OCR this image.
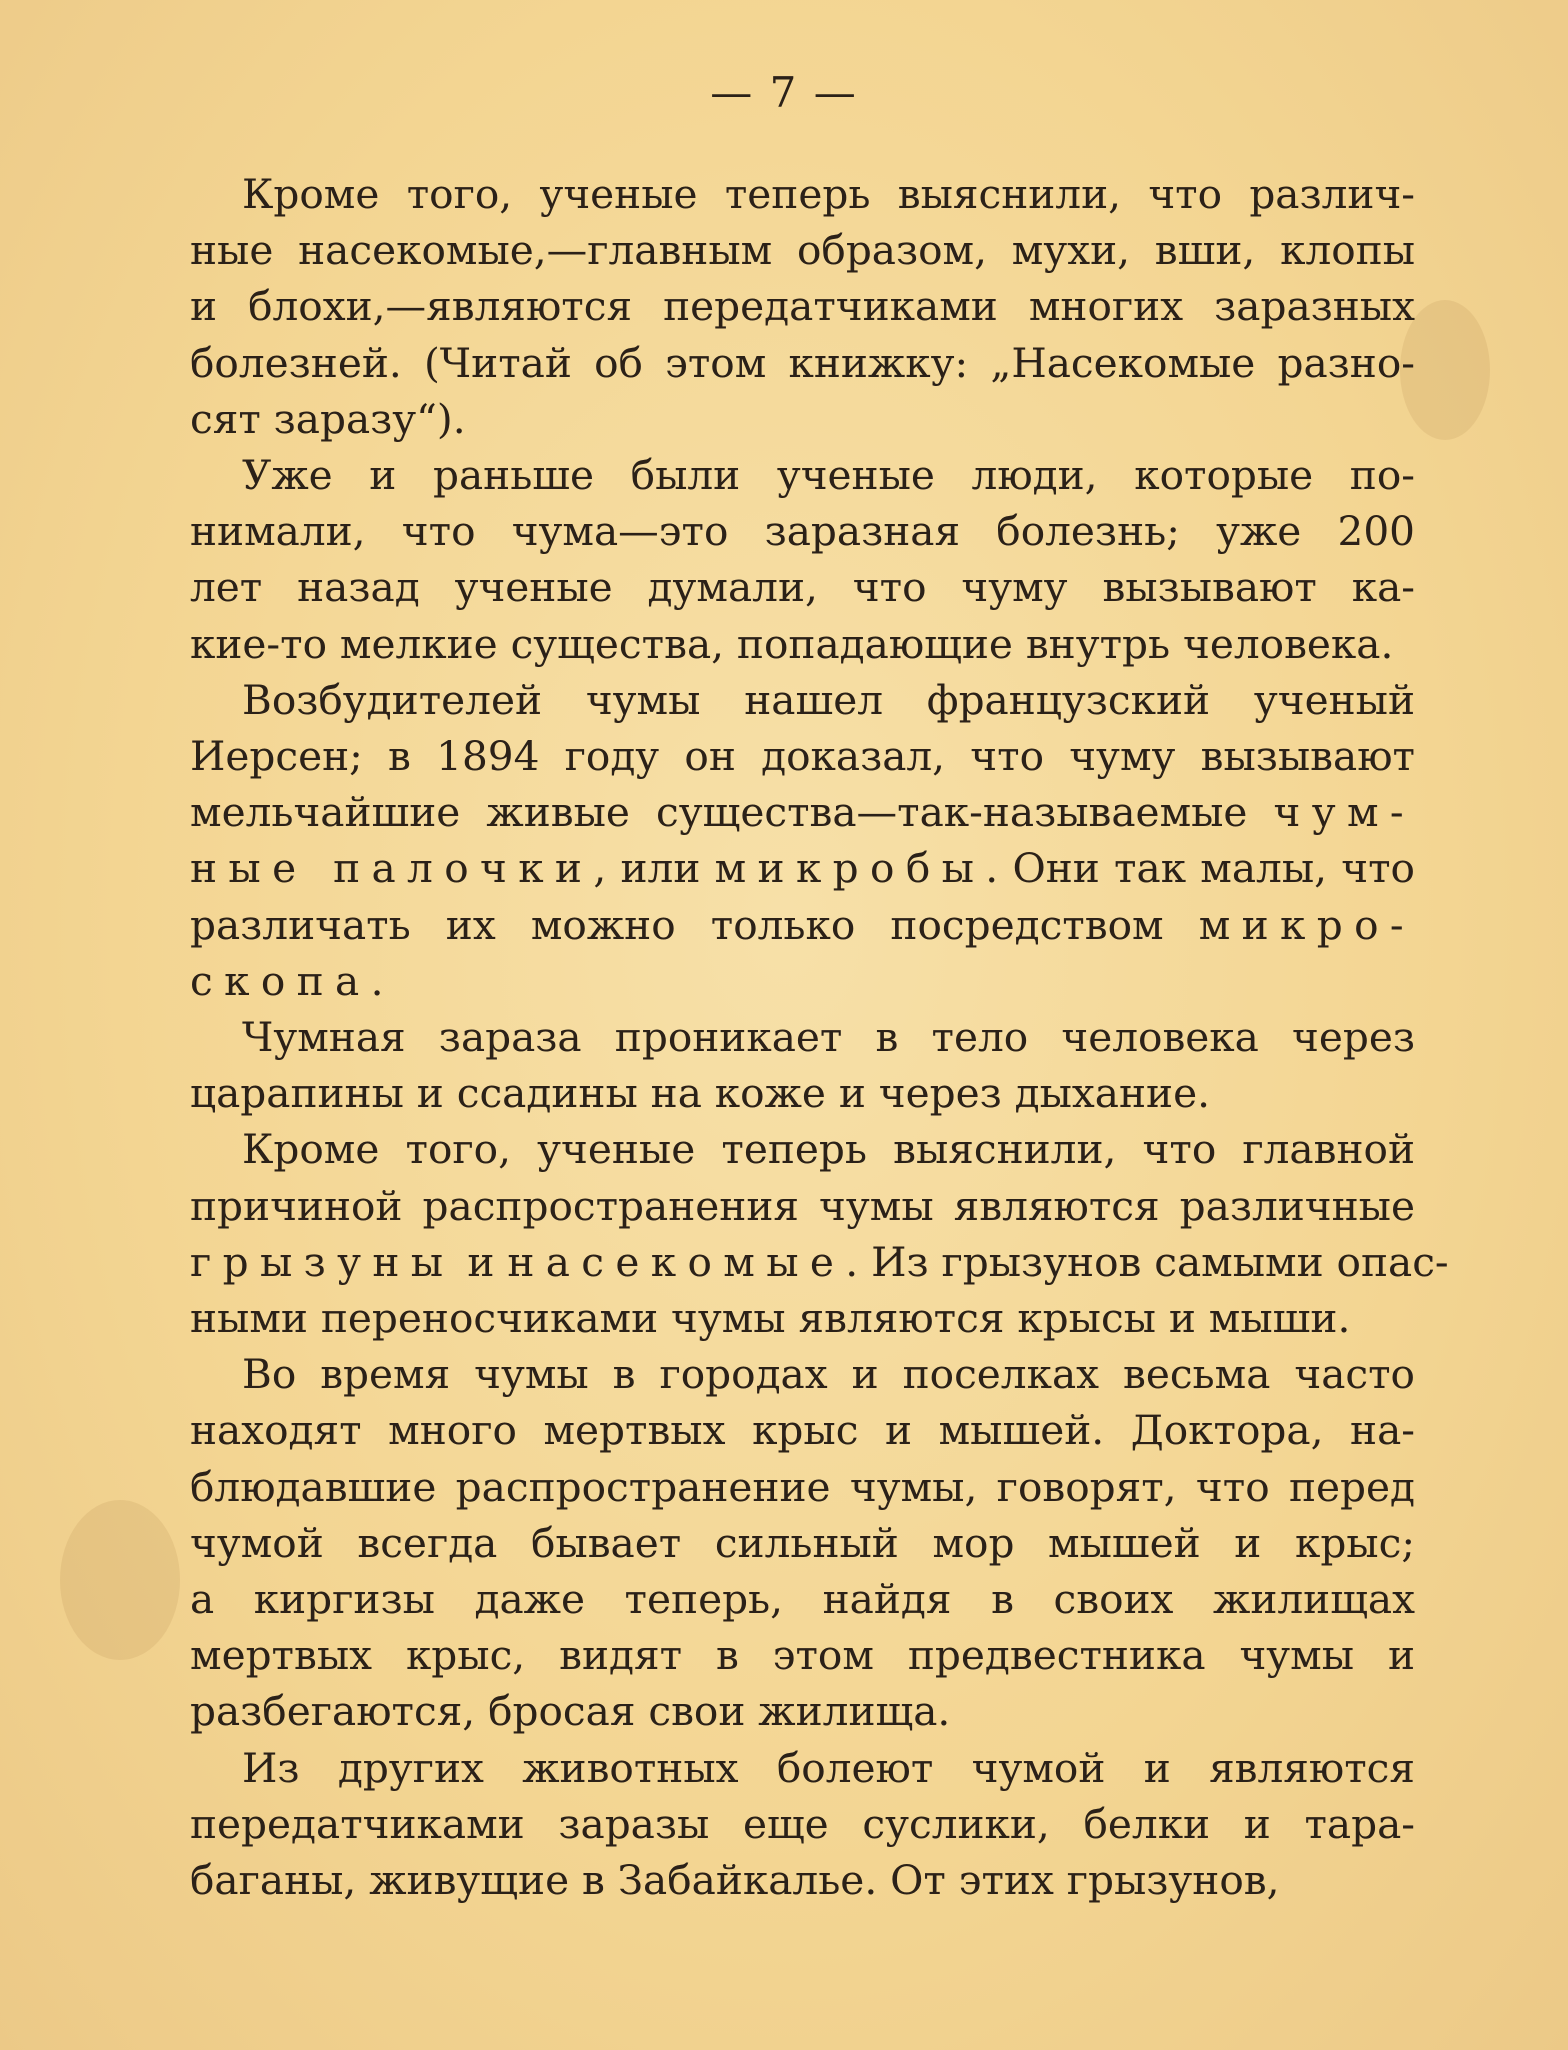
— 7 —

Кроме того, ученые теперь выяснили, что различ-
ные насекомые,—главным образом, мухи, вши, клопы
и блохи,—являются передатчиками многих заразных
болезней. (Читай об этом книжку: „Насекомые разно-
сят заразу“).

Уже и раньше были ученые люди, которые по-
нимали, что чума—это заразная болезнь; уже 200
лет назад ученые думали, что чуму вызывают ка-
кие-то мелкие существа, попадающие внутрь человека.

Возбудителей чумы нашел французский ученый
Иерсен; в 1894 году он доказал, что чуму вызывают
мельчайшие живые существа—так-называемые чум-
ные палочки, или микробы. Они так малы, что
различать их можно только посредством микро-
скопа.

Чумная зараза проникает в тело человека через
царапины и ссадины на коже и через дыхание.

Кроме того, ученые теперь выяснили, что главной
причиной распространения чумы являются различные
грызуны и насекомые. Из грызунов самыми опас-
ными переносчиками чумы являются крысы и мыши.

Во время чумы в городах и поселках весьма часто
находят много мертвых крыс и мышей. Доктора, на-
блюдавшие распространение чумы, говорят, что перед
чумой всегда бывает сильный мор мышей и крыс;
а киргизы даже теперь, найдя в своих жилищах
мертвых крыс, видят в этом предвестника чумы и
разбегаются, бросая свои жилища.

Из других животных болеют чумой и являются
передатчиками заразы еще суслики, белки и тара-
баганы, живущие в Забайкалье. От этих грызунов,
